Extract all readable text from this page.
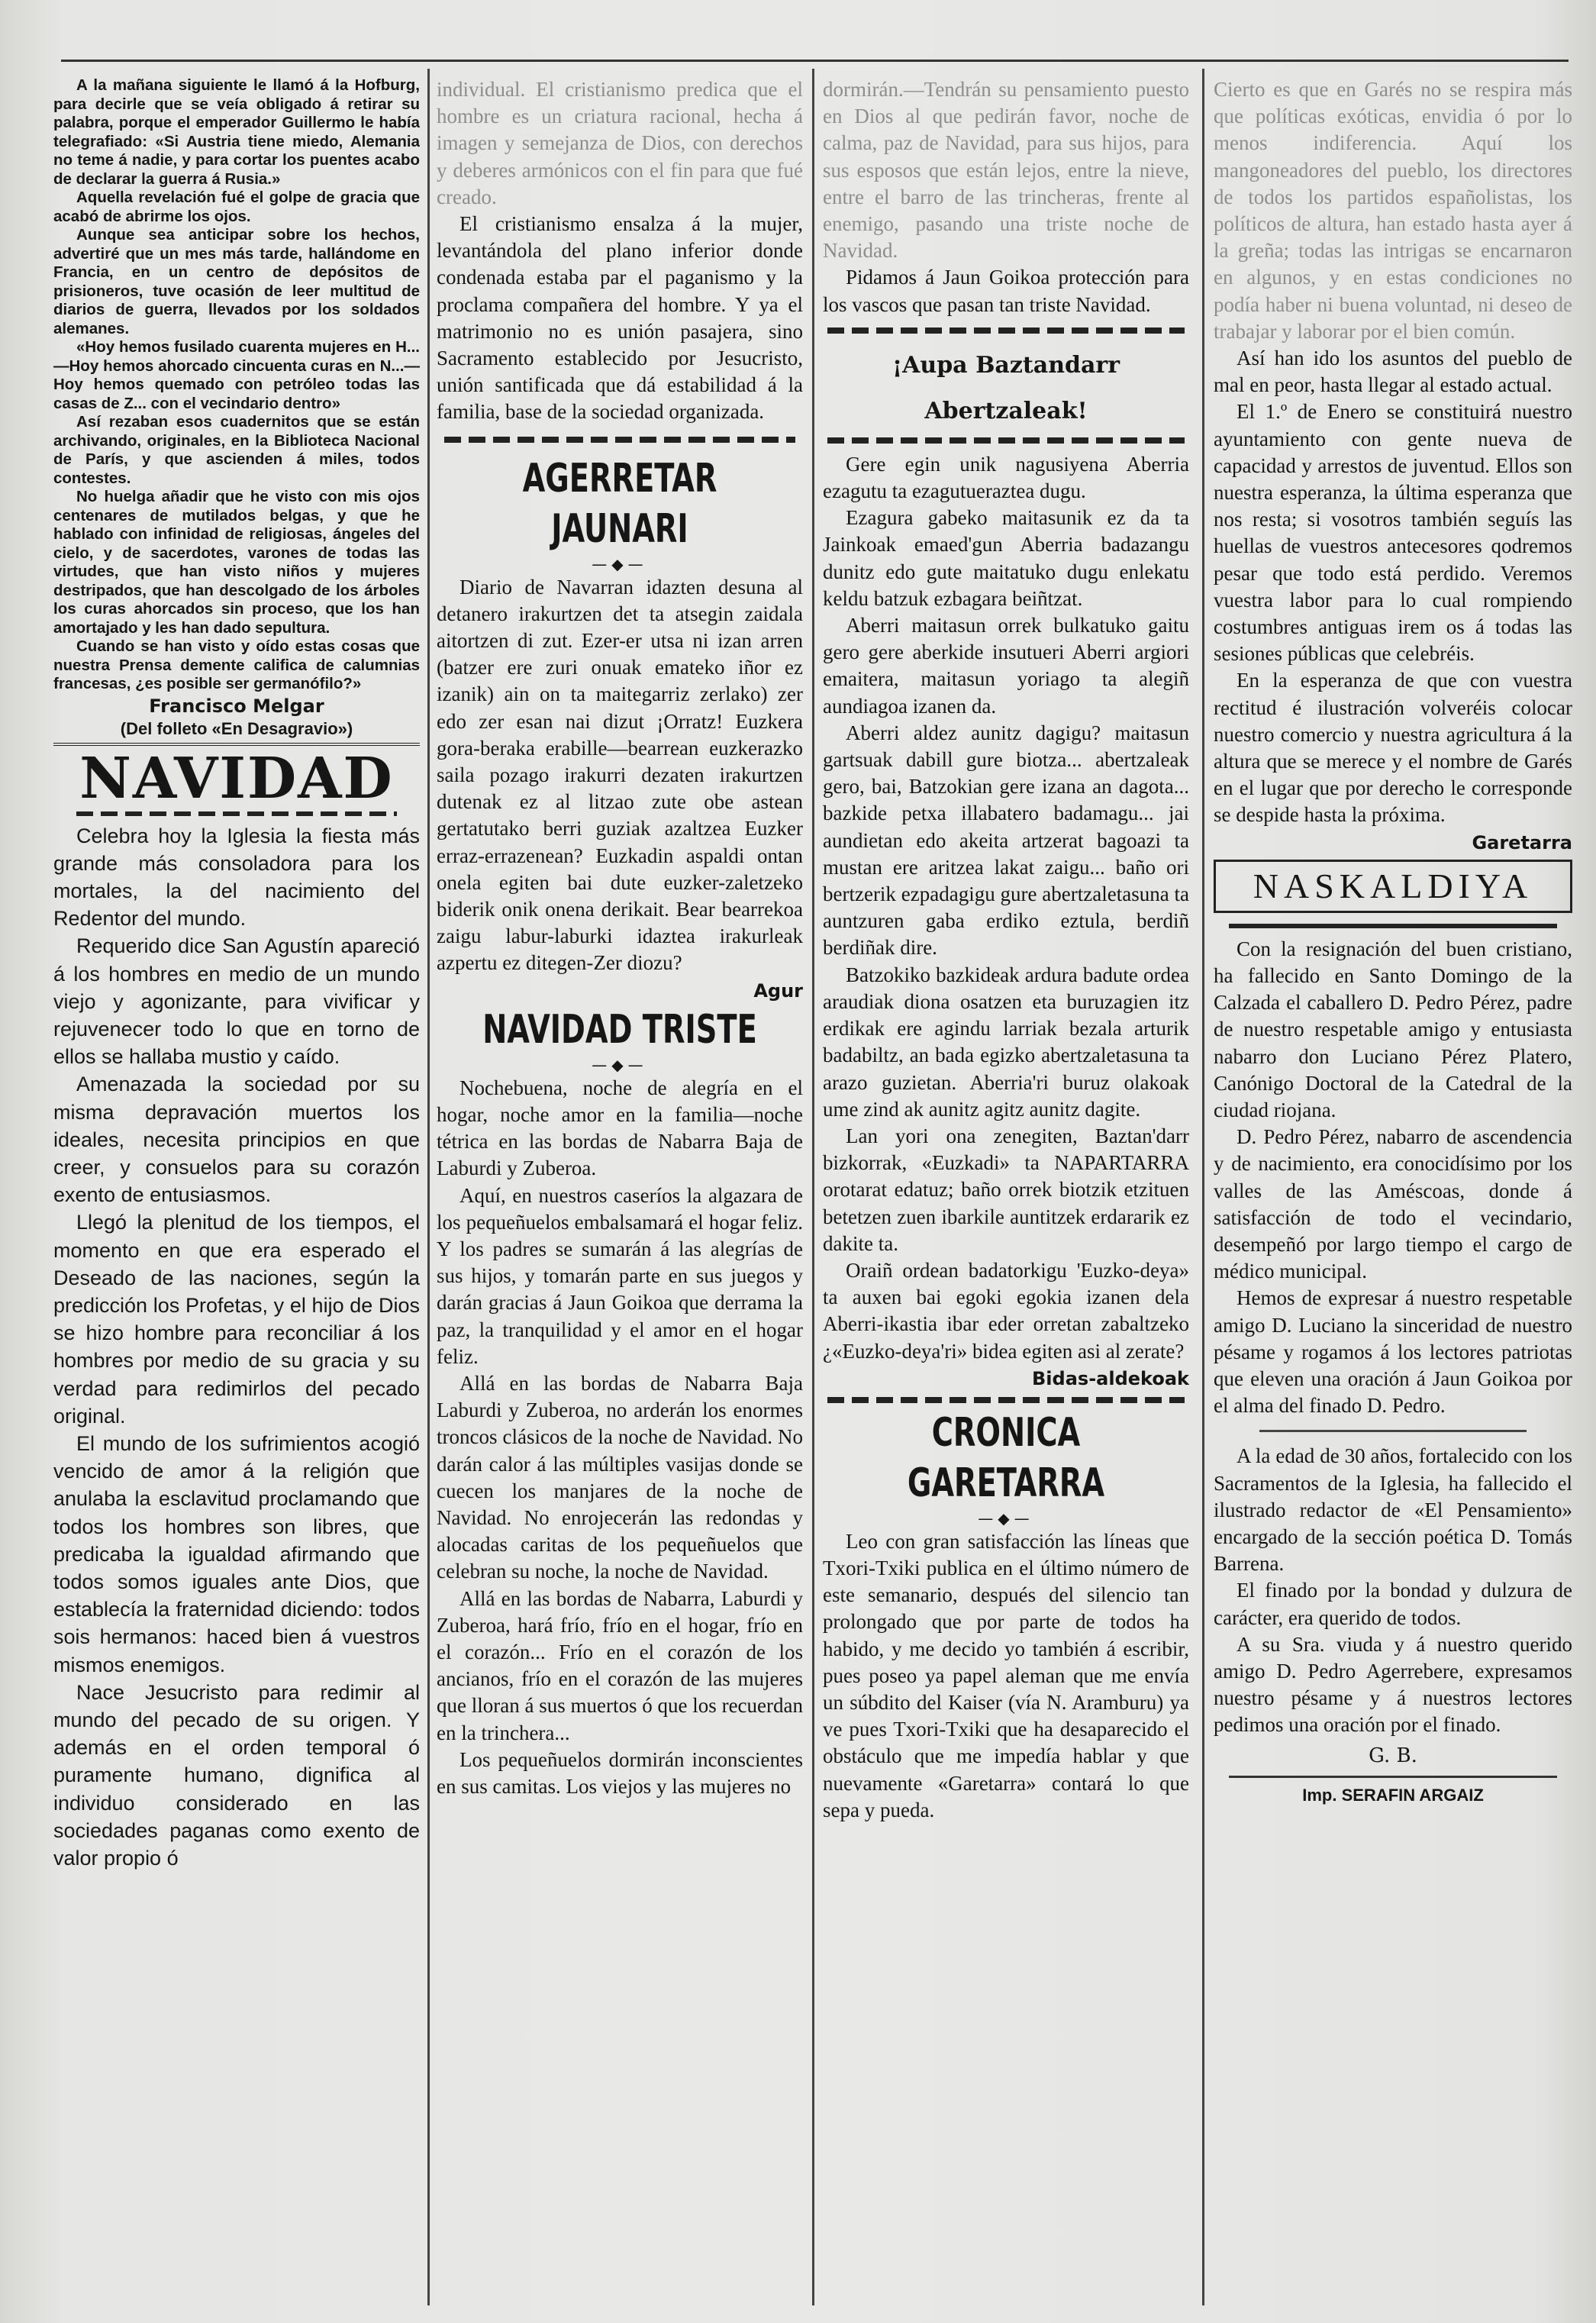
A la mañana siguiente le llamó á la Hofburg, para decirle que se veía obligado á retirar su palabra, porque el emperador Guillermo le había telegrafiado: «Si Austria tiene miedo, Alemania no teme á nadie, y para cortar los puentes acabo de declarar la guerra á Rusia.»

Aquella revelación fué el golpe de gracia que acabó de abrirme los ojos.

Aunque sea anticipar sobre los hechos, advertiré que un mes más tarde, hallándome en Francia, en un centro de depósitos de prisioneros, tuve ocasión de leer multitud de diarios de guerra, llevados por los soldados alemanes.

«Hoy hemos fusilado cuarenta mujeres en H...—Hoy hemos ahorcado cincuenta curas en N...—Hoy hemos quemado con petróleo todas las casas de Z... con el vecindario dentro»

Así rezaban esos cuadernitos que se están archivando, originales, en la Biblioteca Nacional de París, y que ascienden á miles, todos contestes.

No huelga añadir que he visto con mis ojos centenares de mutilados belgas, y que he hablado con infinidad de religiosas, ángeles del cielo, y de sacerdotes, varones de todas las virtudes, que han visto niños y mujeres destripados, que han descolgado de los árboles los curas ahorcados sin proceso, que los han amortajado y les han dado sepultura.

Cuando se han visto y oído estas cosas que nuestra Prensa demente califica de calumnias francesas, ¿es posible ser germanófilo?»

Francisco Melgar
(Del folleto «En Desagravio»)
NAVIDAD

Celebra hoy la Iglesia la fiesta más grande más consoladora para los mortales, la del nacimiento del Redentor del mundo.

Requerido dice San Agustín apareció á los hombres en medio de un mundo viejo y agonizante, para vivificar y rejuvenecer todo lo que en torno de ellos se hallaba mustio y caído.

Amenazada la sociedad por su misma depravación muertos los ideales, necesita principios en que creer, y consuelos para su corazón exento de entusiasmos.

Llegó la plenitud de los tiempos, el momento en que era esperado el Deseado de las naciones, según la predicción los Profetas, y el hijo de Dios se hizo hombre para reconciliar á los hombres por medio de su gracia y su verdad para redimirlos del pecado original.

El mundo de los sufrimientos acogió vencido de amor á la religión que anulaba la esclavitud proclamando que todos los hombres son libres, que predicaba la igualdad afirmando que todos somos iguales ante Dios, que establecía la fraternidad diciendo: todos sois hermanos: haced bien á vuestros mismos enemigos.

Nace Jesucristo para redimir al mundo del pecado de su origen. Y además en el orden temporal ó puramente humano, dignifica al individuo considerado en las sociedades paganas como exento de valor propio ó

individual. El cristianismo predica que el hombre es un criatura racional, hecha á imagen y semejanza de Dios, con derechos y deberes armónicos con el fin para que fué creado.

El cristianismo ensalza á la mujer, levantándola del plano inferior donde condenada estaba par el paganismo y la proclama compañera del hombre. Y ya el matrimonio no es unión pasajera, sino Sacramento establecido por Jesucristo, unión santificada que dá estabilidad á la familia, base de la sociedad organizada.

AGERRETAR JAUNARI
—◆—

Diario de Navarran idazten desuna al detanero irakurtzen det ta atsegin zaidala aitortzen di zut. Ezer-er utsa ni izan arren (batzer ere zuri onuak emateko iñor ez izanik) ain on ta maitegarriz zerlako) zer edo zer esan nai dizut ¡Orratz! Euzkera gora-beraka erabille—bearrean euzkerazko saila pozago irakurri dezaten irakurtzen dutenak ez al litzao zute obe astean gertatutako berri guziak azaltzea Euzker erraz-errazenean? Euzkadin aspaldi ontan onela egiten bai dute euzker-zaletzeko biderik onik onena derikait. Bear bearrekoa zaigu labur-laburki idaztea irakurleak azpertu ez ditegen-Zer diozu?

Agur
NAVIDAD TRISTE
—◆—

Nochebuena, noche de alegría en el hogar, noche amor en la familia—noche tétrica en las bordas de Nabarra Baja de Laburdi y Zuberoa.

Aquí, en nuestros caseríos la algazara de los pequeñuelos embalsamará el hogar feliz. Y los padres se sumarán á las alegrías de sus hijos, y tomarán parte en sus juegos y darán gracias á Jaun Goikoa que derrama la paz, la tranquilidad y el amor en el hogar feliz.

Allá en las bordas de Nabarra Baja Laburdi y Zuberoa, no arderán los enormes troncos clásicos de la noche de Navidad. No darán calor á las múltiples vasijas donde se cuecen los manjares de la noche de Navidad. No enrojecerán las redondas y alocadas caritas de los pequeñuelos que celebran su noche, la noche de Navidad.

Allá en las bordas de Nabarra, Laburdi y Zuberoa, hará frío, frío en el hogar, frío en el corazón... Frío en el corazón de los ancianos, frío en el corazón de las mujeres que lloran á sus muertos ó que los recuerdan en la trinchera...

Los pequeñuelos dormirán inconscientes en sus camitas. Los viejos y las mujeres no

dormirán.—Tendrán su pensamiento puesto en Dios al que pedirán favor, noche de calma, paz de Navidad, para sus hijos, para sus esposos que están lejos, entre la nieve, entre el barro de las trincheras, frente al enemigo, pasando una triste noche de Navidad.

Pidamos á Jaun Goikoa protección para los vascos que pasan tan triste Navidad.

¡Aupa Baztandarr Abertzaleak!

Gere egin unik nagusiyena Aberria ezagutu ta ezagutueraztea dugu.

Ezagura gabeko maitasunik ez da ta Jainkoak emaed'gun Aberria badazangu dunitz edo gute maitatuko dugu enlekatu keldu batzuk ezbagara beiñtzat.

Aberri maitasun orrek bulkatuko gaitu gero gere aberkide insutueri Aberri argiori emaitera, maitasun yoriago ta alegiñ aundiagoa izanen da.

Aberri aldez aunitz dagigu? maitasun gartsuak dabill gure biotza... abertzaleak gero, bai, Batzokian gere izana an dagota... bazkide petxa illabatero badamagu... jai aundietan edo akeita artzerat bagoazi ta mustan ere aritzea lakat zaigu... baño ori bertzerik ezpadagigu gure abertzaletasuna ta auntzuren gaba erdiko eztula, berdiñ berdiñak dire.

Batzokiko bazkideak ardura badute ordea araudiak diona osatzen eta buruzagien itz erdikak ere agindu larriak bezala arturik badabiltz, an bada egizko abertzaletasuna ta arazo guzietan. Aberria'ri buruz olakoak ume zind ak aunitz agitz aunitz dagite.

Lan yori ona zenegiten, Baztan'darr bizkorrak, «Euzkadi» ta NAPARTARRA orotarat edatuz; baño orrek biotzik etzituen betetzen zuen ibarkile auntitzek erdararik ez dakite ta.

Oraiñ ordean badatorkigu 'Euzko-deya» ta auxen bai egoki egokia izanen dela Aberri-ikastia ibar eder orretan zabaltzeko ¿«Euzko-deya'ri» bidea egiten asi al zerate?

Bidas-aldekoak
CRONICA GARETARRA
—◆—

Leo con gran satisfacción las líneas que Txori-Txiki publica en el último número de este semanario, después del silencio tan prolongado que por parte de todos ha habido, y me decido yo también á escribir, pues poseo ya papel aleman que me envía un súbdito del Kaiser (vía N. Aramburu) ya ve pues Txori-Txiki que ha desaparecido el obstáculo que me impedía hablar y que nuevamente «Garetarra» contará lo que sepa y pueda.

Cierto es que en Garés no se respira más que políticas exóticas, envidia ó por lo menos indiferencia. Aquí los mangoneadores del pueblo, los directores de todos los partidos españolistas, los políticos de altura, han estado hasta ayer á la greña; todas las intrigas se encarnaron en algunos, y en estas condiciones no podía haber ni buena voluntad, ni deseo de trabajar y laborar por el bien común.

Así han ido los asuntos del pueblo de mal en peor, hasta llegar al estado actual.

El 1.º de Enero se constituirá nuestro ayuntamiento con gente nueva de capacidad y arrestos de juventud. Ellos son nuestra esperanza, la última esperanza que nos resta; si vosotros también seguís las huellas de vuestros antecesores qodremos pesar que todo está perdido. Veremos vuestra labor para lo cual rompiendo costumbres antiguas irem os á todas las sesiones públicas que celebréis.

En la esperanza de que con vuestra rectitud é ilustración volveréis colocar nuestro comercio y nuestra agricultura á la altura que se merece y el nombre de Garés en el lugar que por derecho le corresponde se despide hasta la próxima.

Garetarra
NASKALDIYA

Con la resignación del buen cristiano, ha fallecido en Santo Domingo de la Calzada el caballero D. Pedro Pérez, padre de nuestro respetable amigo y entusiasta nabarro don Luciano Pérez Platero, Canónigo Doctoral de la Catedral de la ciudad riojana.

D. Pedro Pérez, nabarro de ascendencia y de nacimiento, era conocidísimo por los valles de las Améscoas, donde á satisfacción de todo el vecindario, desempeñó por largo tiempo el cargo de médico municipal.

Hemos de expresar á nuestro respetable amigo D. Luciano la sinceridad de nuestro pésame y rogamos á los lectores patriotas que eleven una oración á Jaun Goikoa por el alma del finado D. Pedro.

A la edad de 30 años, fortalecido con los Sacramentos de la Iglesia, ha fallecido el ilustrado redactor de «El Pensamiento» encargado de la sección poética D. Tomás Barrena.

El finado por la bondad y dulzura de carácter, era querido de todos.

A su Sra. viuda y á nuestro querido amigo D. Pedro Agerrebere, expresamos nuestro pésame y á nuestros lectores pedimos una oración por el finado.

G. B.
Imp. SERAFIN ARGAIZ
